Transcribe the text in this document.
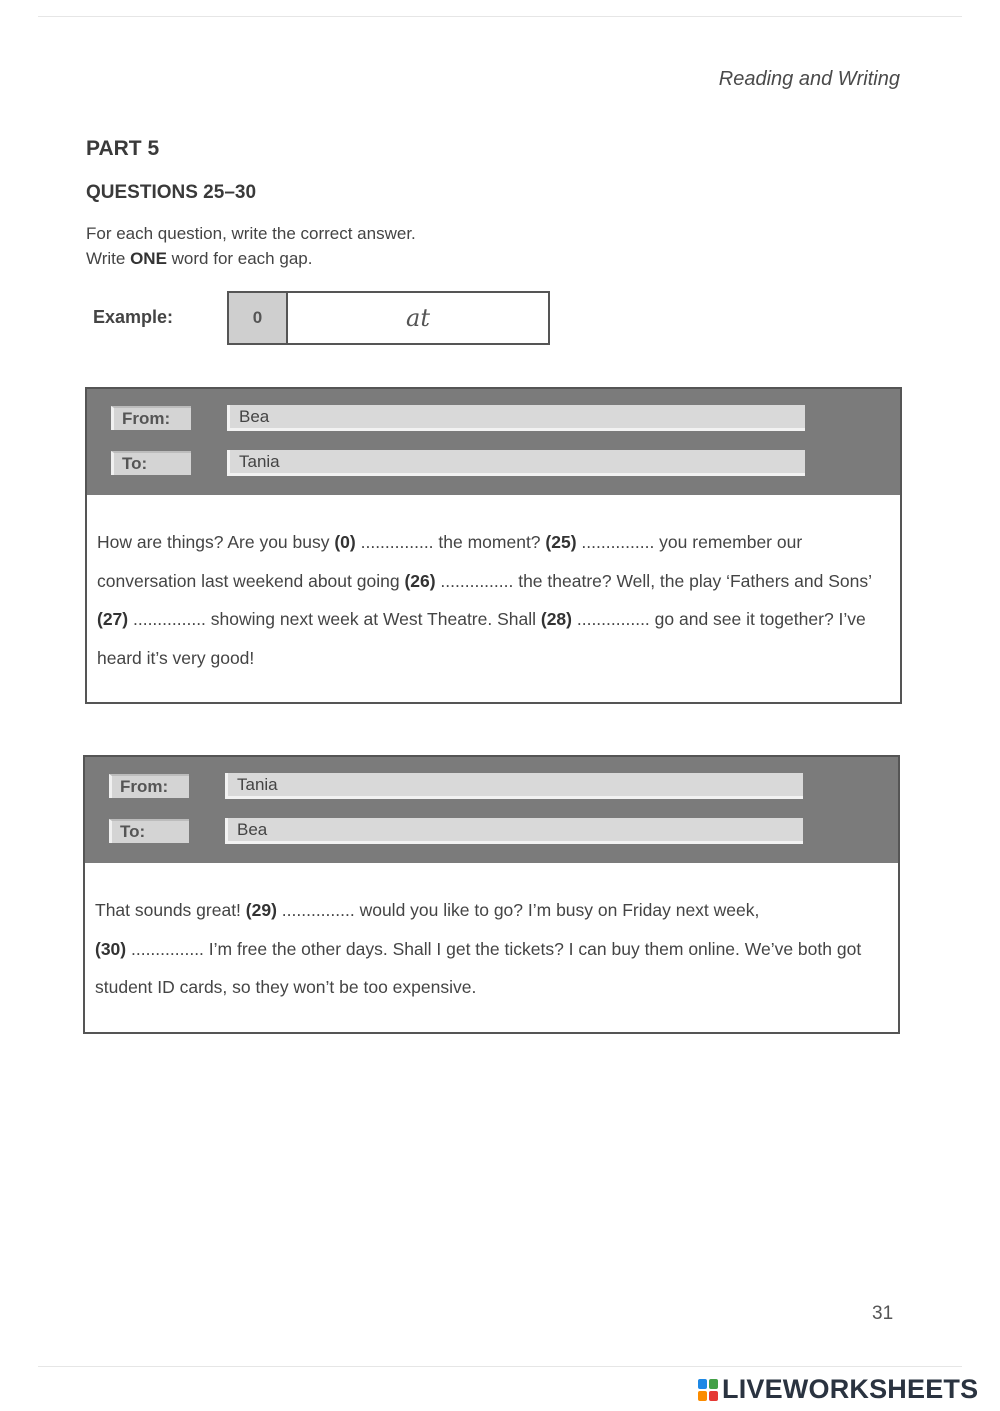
Reading and Writing
PART 5
QUESTIONS 25–30
For each question, write the correct answer.
Write ONE word for each gap.
Example:	0	at
From:	Bea
To:	Tania
How are things? Are you busy (0) ............... the moment? (25) ............... you remember our conversation last weekend about going (26) ............... the theatre? Well, the play ‘Fathers and Sons’ (27) ............... showing next week at West Theatre. Shall (28) ............... go and see it together? I’ve heard it’s very good!
From:	Tania
To:	Bea
That sounds great! (29) ............... would you like to go? I’m busy on Friday next week,
(30) ............... I’m free the other days. Shall I get the tickets? I can buy them online. We’ve both got student ID cards, so they won’t be too expensive.
31
LIVEWORKSHEETS
